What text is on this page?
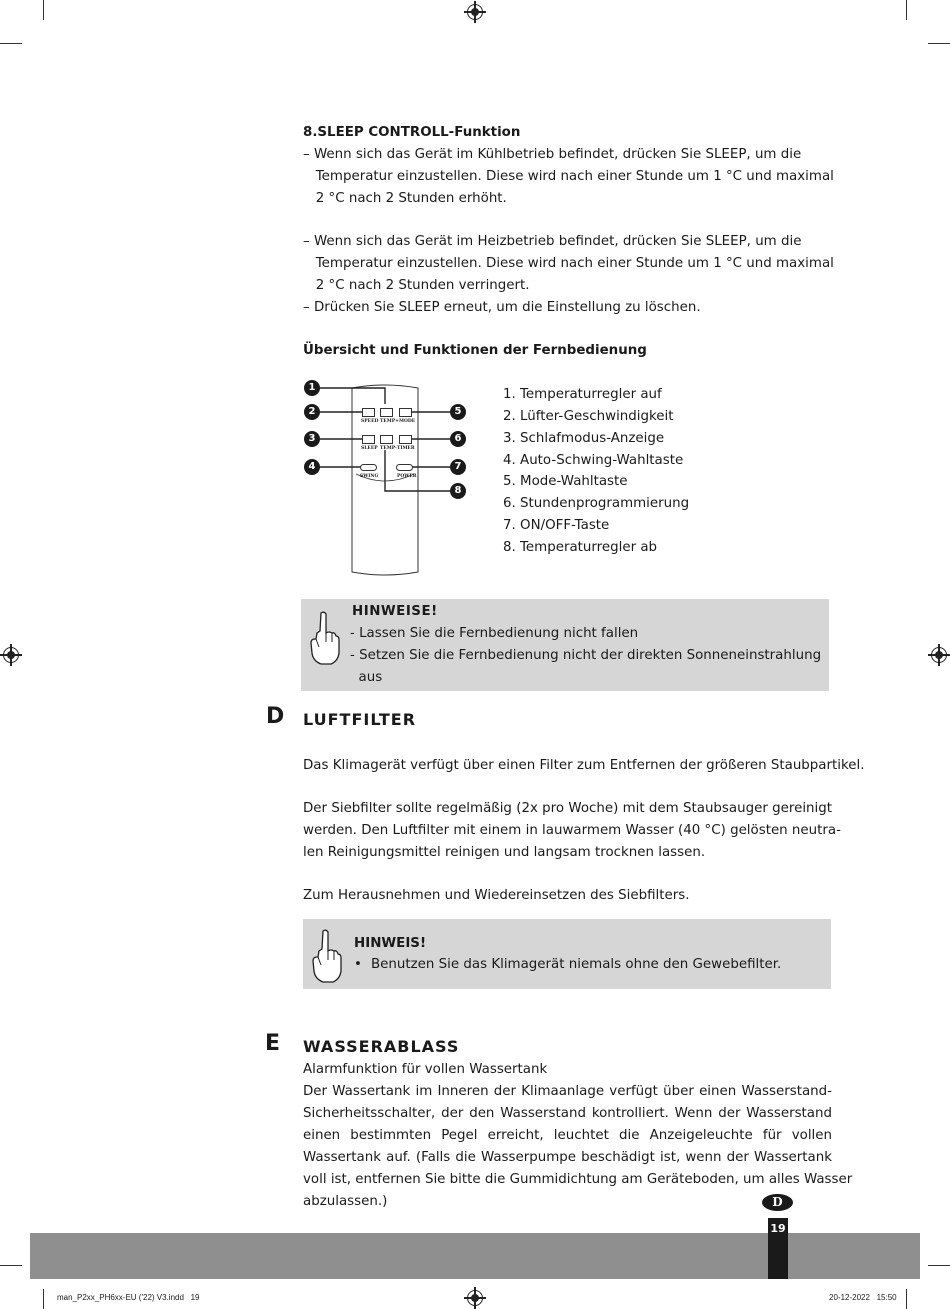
8.SLEEP CONTROLL-Funktion
– Wenn sich das Gerät im Kühlbetrieb befindet, drücken Sie SLEEP, um die
Temperatur einzustellen. Diese wird nach einer Stunde um 1 °C und maximal
2 °C nach 2 Stunden erhöht.
– Wenn sich das Gerät im Heizbetrieb befindet, drücken Sie SLEEP, um die
Temperatur einzustellen. Diese wird nach einer Stunde um 1 °C und maximal
2 °C nach 2 Stunden verringert.
– Drücken Sie SLEEP erneut, um die Einstellung zu löschen.
Übersicht und Funktionen der Fernbedienung
SPEED TEMP+ MODE
SLEEP TEMP- TIMER
SWING	POWER
1
2
3
4
5
6
7
8
1. Temperaturregler auf
2. Lüfter-Geschwindigkeit
3. Schlafmodus-Anzeige
4. Auto-Schwing-Wahltaste
5. Mode-Wahltaste
6. Stundenprogrammierung
7. ON/OFF-Taste
8. Temperaturregler ab
HINWEISE!
- Lassen Sie die Fernbedienung nicht fallen
- Setzen Sie die Fernbedienung nicht der direkten Sonneneinstrahlung
aus
D LUFTFILTER
Das Klimagerät verfügt über einen Filter zum Entfernen der größeren Staubpartikel.
Der Siebfilter sollte regelmäßig (2x pro Woche) mit dem Staubsauger gereinigt
werden. Den Luftfilter mit einem in lauwarmem Wasser (40 °C) gelösten neutra-
len Reinigungsmittel reinigen und langsam trocknen lassen.
Zum Herausnehmen und Wiedereinsetzen des Siebfilters.
HINWEIS!
• Benutzen Sie das Klimagerät niemals ohne den Gewebefilter.
E WASSERABLASS
Alarmfunktion für vollen Wassertank
Der Wassertank im Inneren der Klimaanlage verfügt über einen Wasserstand-
Sicherheitsschalter, der den Wasserstand kontrolliert. Wenn der Wasserstand
einen bestimmten Pegel erreicht, leuchtet die Anzeigeleuchte für vollen
Wassertank auf. (Falls die Wasserpumpe beschädigt ist, wenn der Wassertank
voll ist, entfernen Sie bitte die Gummidichtung am Geräteboden, um alles Wasser
abzulassen.)	D
19
man_P2xx_PH6xx-EU ('22) V3.indd   19	20-12-2022   15:50
